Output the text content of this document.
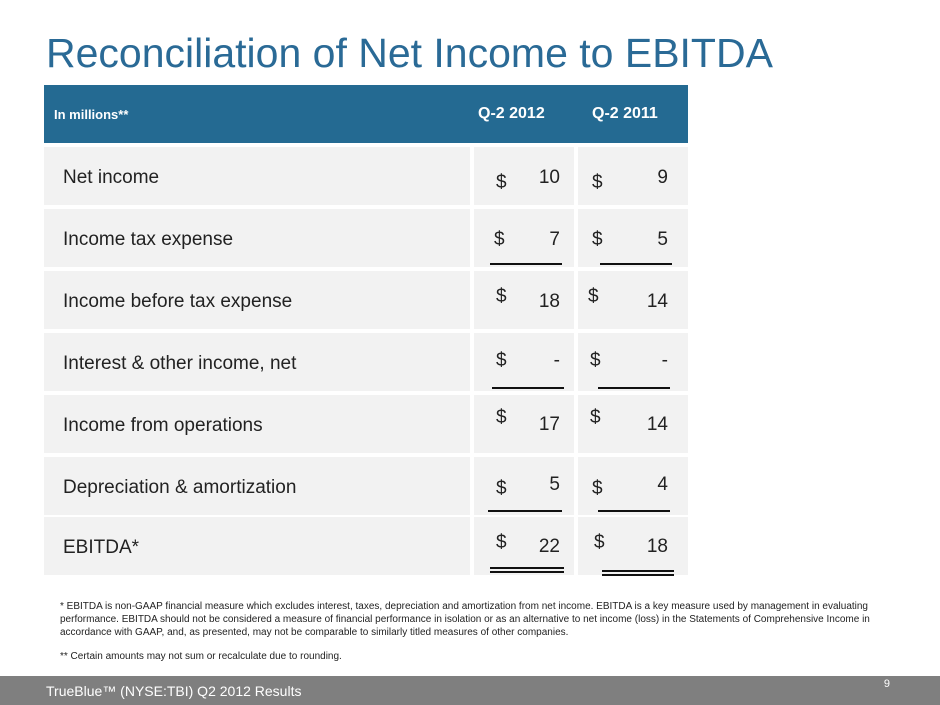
Reconciliation of Net Income to EBITDA
In millions**	Q-2 2012	Q-2 2011
Net income	$ 10 $	9
Income tax expense	$ 7 $	5
Income before tax expense	$ 18 $	14
Interest & other income, net	$ - $	-
Income from operations	$ 17 $ 14
Depreciation & amortization	$ 5 $	4
EBITDA*	$ 22 $ 18
* EBITDA is non-GAAP financial measure which excludes interest, taxes, depreciation and amortization from net income. EBITDA is a key measure used by management in evaluating performance. EBITDA should not be considered a measure of financial performance in isolation or as an alternative to net income (loss) in the Statements of Comprehensive Income in accordance with GAAP, and, as presented, may not be comparable to similarly titled measures of other companies.
** Certain amounts may not sum or recalculate due to rounding.
TrueBlue™ (NYSE:TBI) Q2 2012 Results	9
